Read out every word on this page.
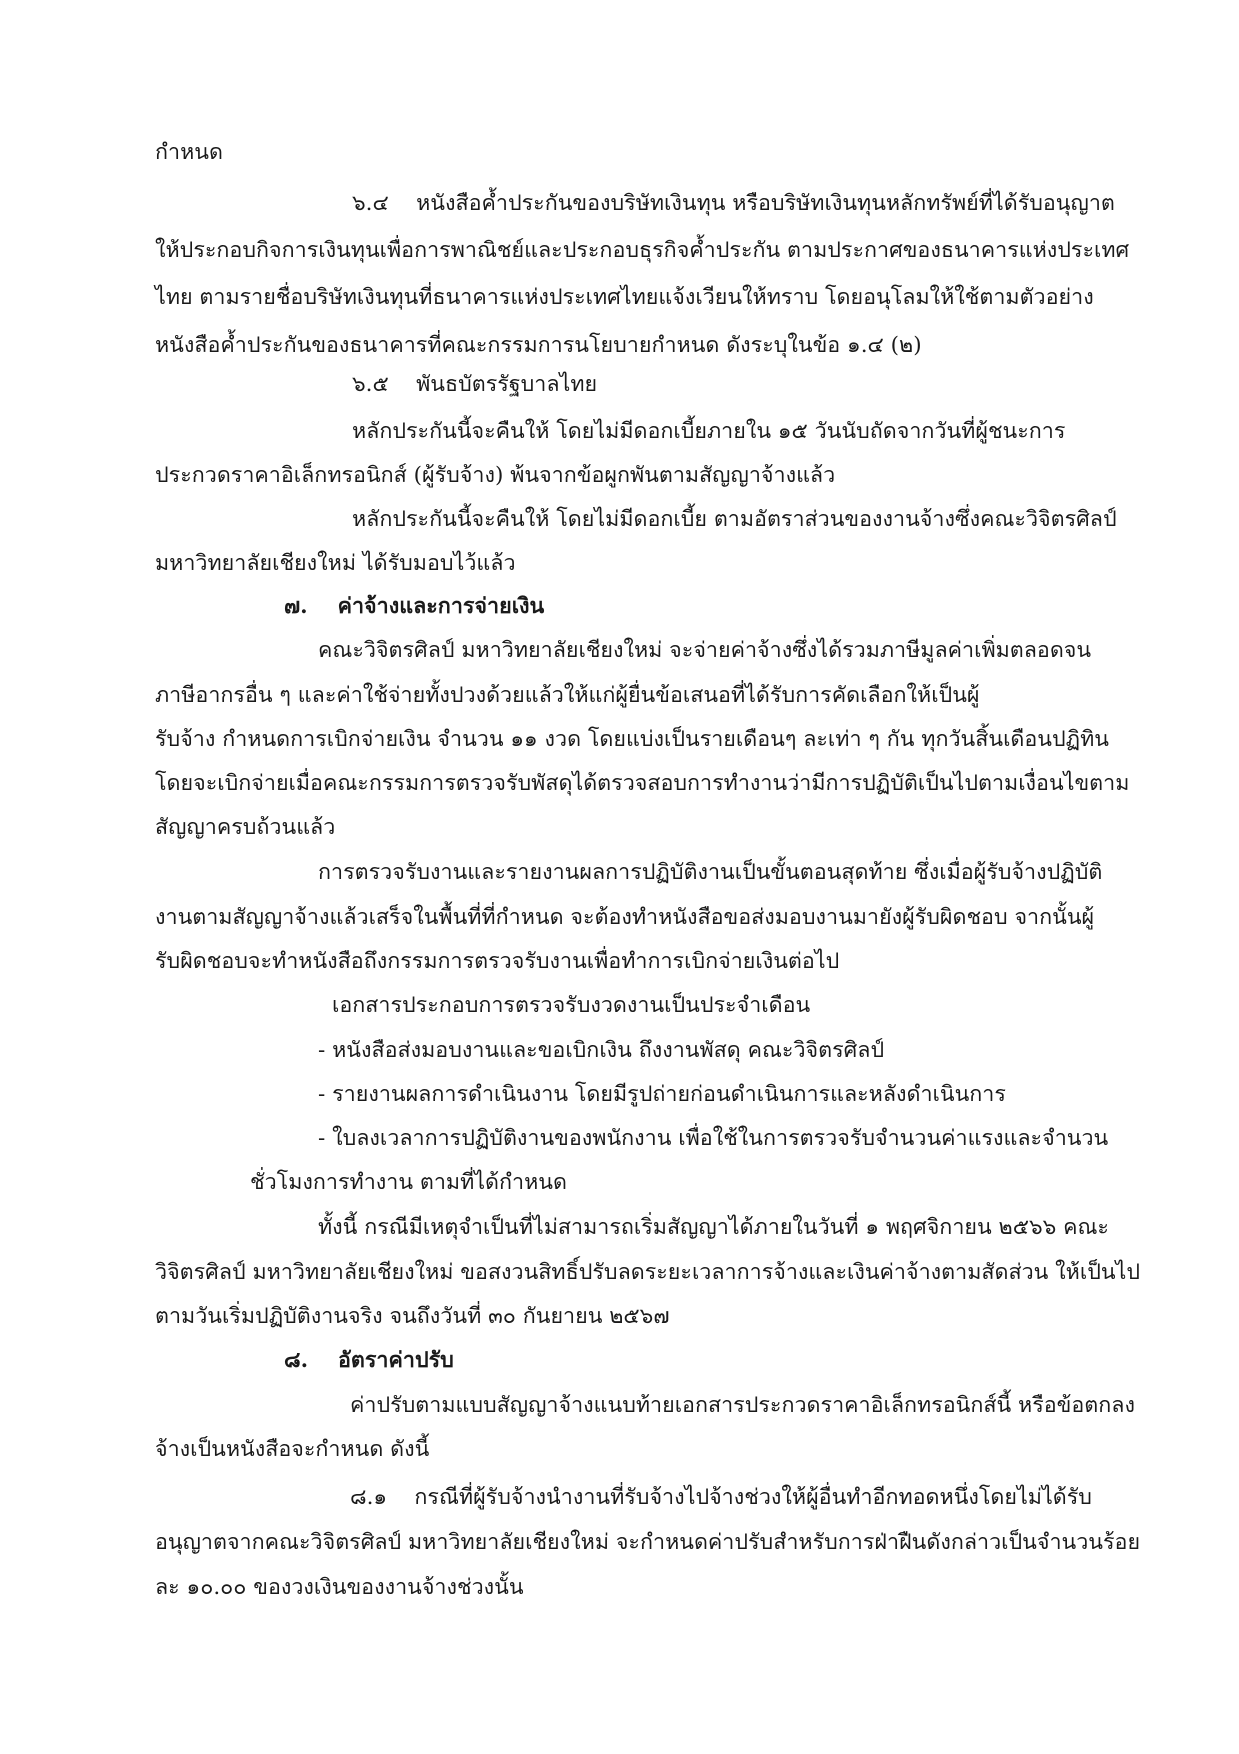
กำหนด
๖.๔    หนังสือค้ำประกันของบริษัทเงินทุน หรือบริษัทเงินทุนหลักทรัพย์ที่ได้รับอนุญาต
ให้ประกอบกิจการเงินทุนเพื่อการพาณิชย์และประกอบธุรกิจค้ำประกัน ตามประกาศของธนาคารแห่งประเทศ
ไทย ตามรายชื่อบริษัทเงินทุนที่ธนาคารแห่งประเทศไทยแจ้งเวียนให้ทราบ โดยอนุโลมให้ใช้ตามตัวอย่าง
หนังสือค้ำประกันของธนาคารที่คณะกรรมการนโยบายกำหนด ดังระบุในข้อ ๑.๔ (๒)
๖.๕    พันธบัตรรัฐบาลไทย
หลักประกันนี้จะคืนให้ โดยไม่มีดอกเบี้ยภายใน ๑๕ วันนับถัดจากวันที่ผู้ชนะการ
ประกวดราคาอิเล็กทรอนิกส์ (ผู้รับจ้าง) พ้นจากข้อผูกพันตามสัญญาจ้างแล้ว
หลักประกันนี้จะคืนให้ โดยไม่มีดอกเบี้ย ตามอัตราส่วนของงานจ้างซึ่งคณะวิจิตรศิลป์
มหาวิทยาลัยเชียงใหม่ ได้รับมอบไว้แล้ว
๗.    ค่าจ้างและการจ่ายเงิน
คณะวิจิตรศิลป์ มหาวิทยาลัยเชียงใหม่ จะจ่ายค่าจ้างซึ่งได้รวมภาษีมูลค่าเพิ่มตลอดจน
ภาษีอากรอื่น ๆ และค่าใช้จ่ายทั้งปวงด้วยแล้วให้แก่ผู้ยื่นข้อเสนอที่ได้รับการคัดเลือกให้เป็นผู้
รับจ้าง กำหนดการเบิกจ่ายเงิน จำนวน ๑๑ งวด โดยแบ่งเป็นรายเดือนๆ ละเท่า ๆ กัน ทุกวันสิ้นเดือนปฏิทิน
โดยจะเบิกจ่ายเมื่อคณะกรรมการตรวจรับพัสดุได้ตรวจสอบการทำงานว่ามีการปฏิบัติเป็นไปตามเงื่อนไขตาม
สัญญาครบถ้วนแล้ว
การตรวจรับงานและรายงานผลการปฏิบัติงานเป็นขั้นตอนสุดท้าย ซึ่งเมื่อผู้รับจ้างปฏิบัติ
งานตามสัญญาจ้างแล้วเสร็จในพื้นที่ที่กำหนด จะต้องทำหนังสือขอส่งมอบงานมายังผู้รับผิดชอบ จากนั้นผู้
รับผิดชอบจะทำหนังสือถึงกรรมการตรวจรับงานเพื่อทำการเบิกจ่ายเงินต่อไป
เอกสารประกอบการตรวจรับงวดงานเป็นประจำเดือน
- หนังสือส่งมอบงานและขอเบิกเงิน ถึงงานพัสดุ คณะวิจิตรศิลป์
- รายงานผลการดำเนินงาน โดยมีรูปถ่ายก่อนดำเนินการและหลังดำเนินการ
- ใบลงเวลาการปฏิบัติงานของพนักงาน เพื่อใช้ในการตรวจรับจำนวนค่าแรงและจำนวน
ชั่วโมงการทำงาน ตามที่ได้กำหนด
ทั้งนี้ กรณีมีเหตุจำเป็นที่ไม่สามารถเริ่มสัญญาได้ภายในวันที่ ๑ พฤศจิกายน ๒๕๖๖ คณะ
วิจิตรศิลป์ มหาวิทยาลัยเชียงใหม่ ขอสงวนสิทธิ์ปรับลดระยะเวลาการจ้างและเงินค่าจ้างตามสัดส่วน ให้เป็นไป
ตามวันเริ่มปฏิบัติงานจริง จนถึงวันที่ ๓๐ กันยายน ๒๕๖๗
๘.    อัตราค่าปรับ
ค่าปรับตามแบบสัญญาจ้างแนบท้ายเอกสารประกวดราคาอิเล็กทรอนิกส์นี้ หรือข้อตกลง
จ้างเป็นหนังสือจะกำหนด ดังนี้
๘.๑    กรณีที่ผู้รับจ้างนำงานที่รับจ้างไปจ้างช่วงให้ผู้อื่นทำอีกทอดหนึ่งโดยไม่ได้รับ
อนุญาตจากคณะวิจิตรศิลป์ มหาวิทยาลัยเชียงใหม่ จะกำหนดค่าปรับสำหรับการฝ่าฝืนดังกล่าวเป็นจำนวนร้อย
ละ ๑๐.๐๐ ของวงเงินของงานจ้างช่วงนั้น
